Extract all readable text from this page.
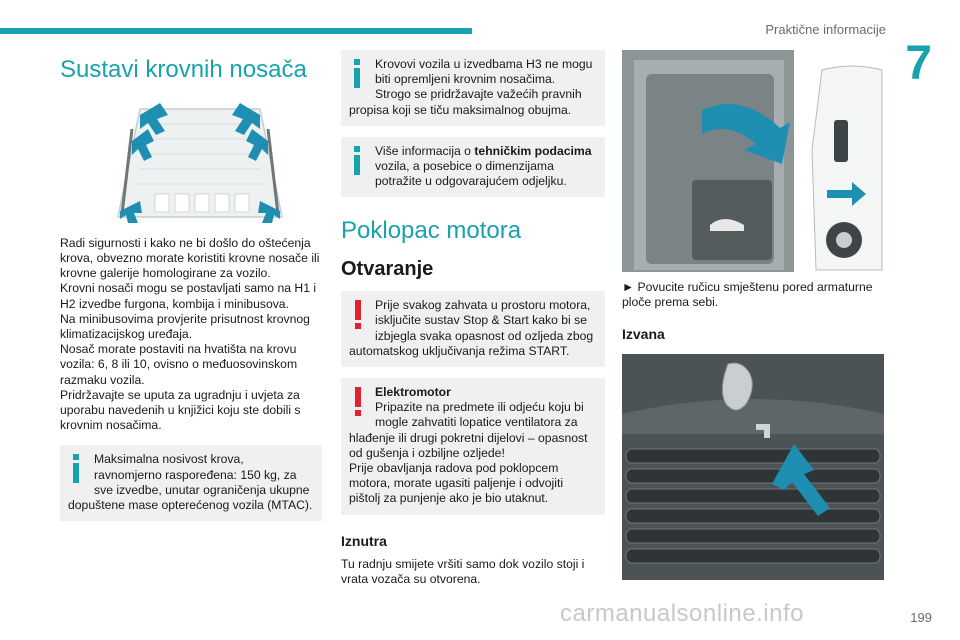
Praktične informacije
7
Sustavi krovnih nosača

Radi sigurnosti i kako ne bi došlo do oštećenja krova, obvezno morate koristiti krovne nosače ili krovne galerije homologirane za vozilo.

Krovni nosači mogu se postavljati samo na H1 i H2 izvedbe furgona, kombija i minibusova.

Na minibusovima provjerite prisutnost krovnog klimatizacijskog uređaja.

Nosač morate postaviti na hvatišta na krovu vozila: 6, 8 ili 10, ovisno o međuosovinskom razmaku vozila.

Pridržavajte se uputa za ugradnju i uvjeta za uporabu navedenih u knjižici koju ste dobili s krovnim nosačima.

Maksimalna nosivost krova, ravnomjerno raspoređena: 150 kg, za sve izvedbe, unutar ograničenja ukupne dopuštene mase opterećenog vozila (MTAC).
Krovovi vozila u izvedbama H3 ne mogu biti opremljeni krovnim nosačima.
Strogo se pridržavajte važećih pravnih propisa koji se tiču maksimalnog obujma.
Više informacija o tehničkim podacima vozila, a posebice o dimenzijama potražite u odgovarajućem odjeljku.
Poklopac motora
Otvaranje
Prije svakog zahvata u prostoru motora, isključite sustav Stop & Start kako bi se izbjegla svaka opasnost od ozljeda zbog automatskog uključivanja režima START.
Elektromotor
Pripazite na predmete ili odjeću koju bi mogle zahvatiti lopatice ventilatora za hlađenje ili drugi pokretni dijelovi – opasnost od gušenja i ozbiljne ozljede!
Prije obavljanja radova pod poklopcem motora, morate ugasiti paljenje i odvojiti pištolj za punjenje ako je bio utaknut.
Iznutra

Tu radnju smijete vršiti samo dok vozilo stoji i vrata vozača su otvorena.

► Povucite ručicu smještenu pored armaturne ploče prema sebi.

Izvana
carmanualsonline.info	199
